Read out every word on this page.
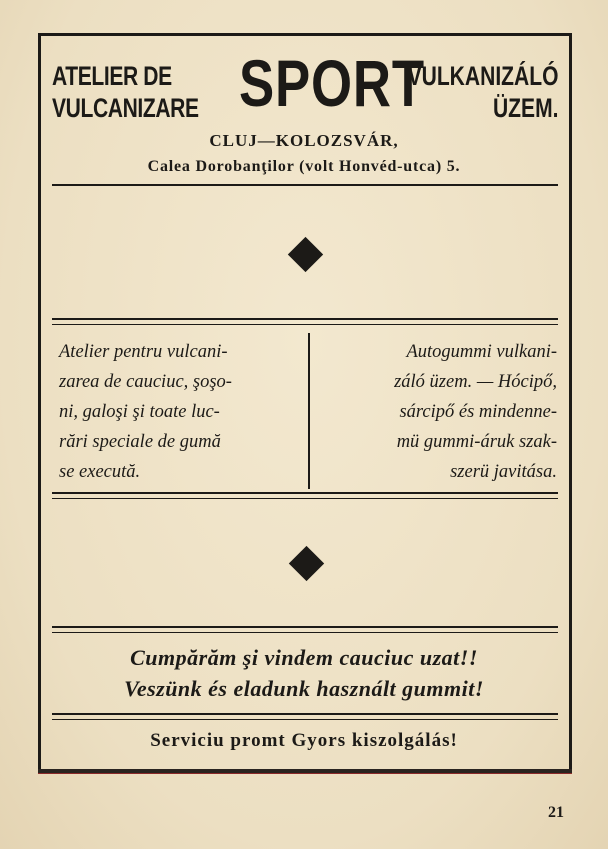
ATELIER DE
VULCANIZARE SPORT
VULKANIZÁLÓ
ÜZEM.
CLUJ—KOLOZSVÁR,
Calea Dorobanţilor (volt Honvéd-utca) 5.
Atelier pentru vulcani-
zarea de cauciuc, şoşo-
ni, galoşi şi toate luc-
rări speciale de gumă
se execută.
Autogummi vulkani-
záló üzem. — Hócipő,
sárcipő és mindenne-
mü gummi-áruk szak-
szerü javitása.
Cumpărăm şi vindem cauciuc uzat!!
Veszünk és eladunk használt gummit!
Serviciu promt Gyors kiszolgálás!
21
